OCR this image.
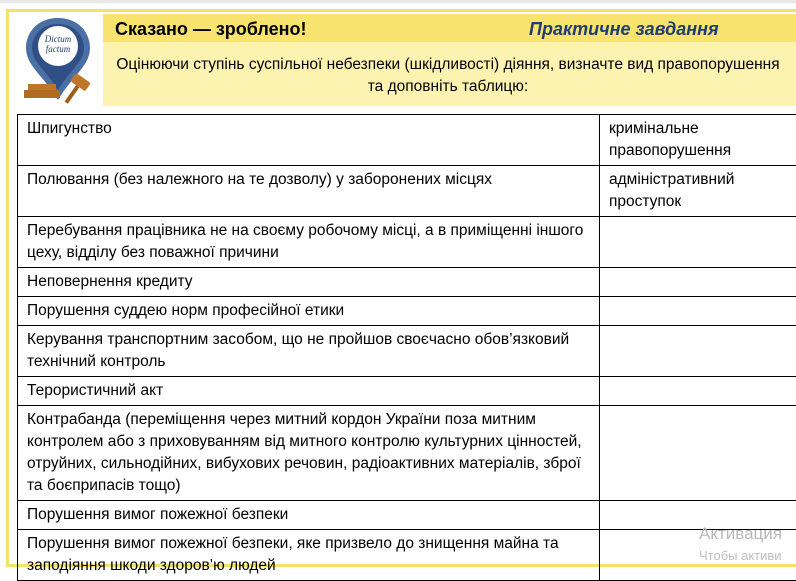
Dictum
factum
Сказано — зроблено!	Практичне завдання
Оцінюючи ступінь суспільної небезпеки (шкідливості) діяння, визначте вид правопорушення та доповніть таблицю:
Шпигунство	кримінальне правопорушення
Полювання (без належного на те дозволу) у заборонених місцях	адміністративний проступок
Перебування працівника не на своєму робочому місці, а в приміщенні іншого цеху, відділу без поважної причини	
Неповернення кредиту	
Порушення суддею норм професійної етики	
Керування транспортним засобом, що не пройшов своєчасно обов’язковий технічний контроль	
Терористичний акт	
Контрабанда (переміщення через митний кордон України поза митним контролем або з приховуванням від митного контролю культурних цінностей, отруйних, сильнодійних, вибухових речовин, радіоактивних матеріалів, зброї та боєприпасів тощо)	
Порушення вимог пожежної безпеки	
Порушення вимог пожежної безпеки, яке призвело до знищення майна та заподіяння шкоди здоров’ю людей	
Активация
Чтобы активи
